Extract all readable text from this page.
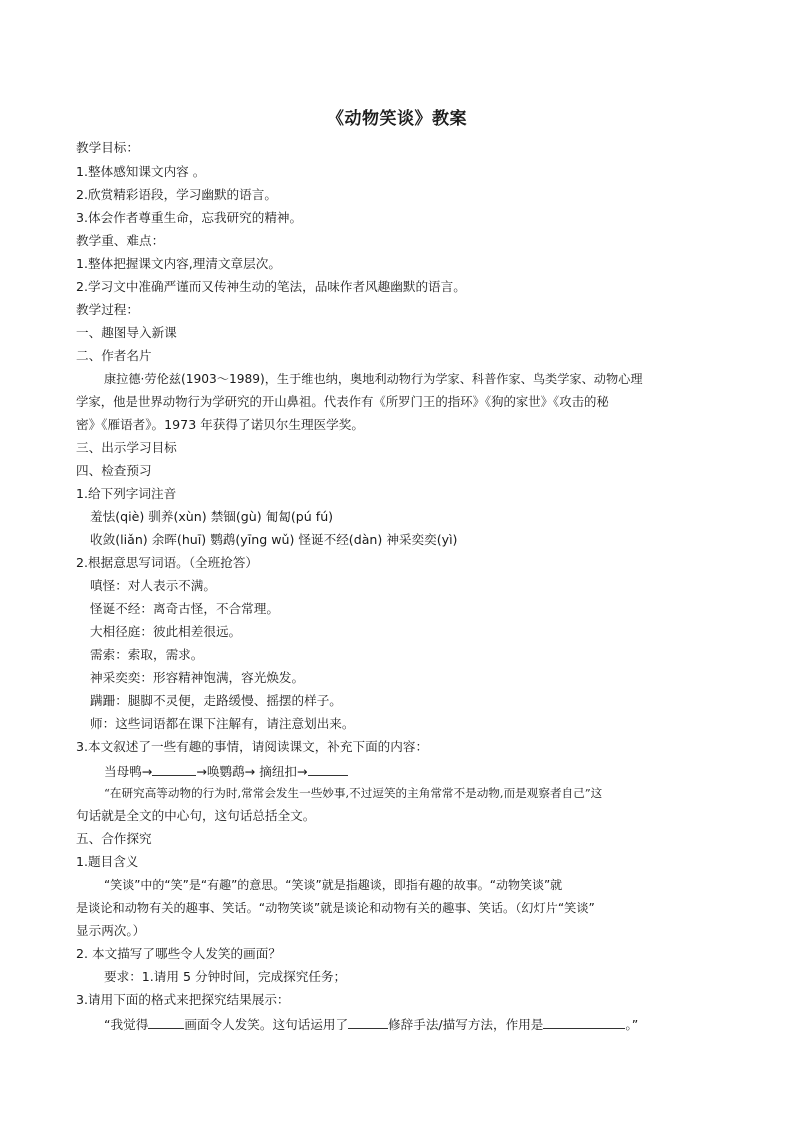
《动物笑谈》教案
教学目标：
1.整体感知课文内容 。
2.欣赏精彩语段，学习幽默的语言。
3.体会作者尊重生命，忘我研究的精神。
教学重、难点：
1.整体把握课文内容,理清文章层次。
2.学习文中准确严谨而又传神生动的笔法，品味作者风趣幽默的语言。
教学过程：
一、趣图导入新课
二、作者名片
康拉德·劳伦兹(1903～1989)，生于维也纳，奥地利动物行为学家、科普作家、鸟类学家、动物心理
学家，他是世界动物行为学研究的开山鼻祖。代表作有《所罗门王的指环》《狗的家世》《攻击的秘
密》《雁语者》。1973 年获得了诺贝尔生理医学奖。
三、出示学习目标
四、检查预习
1.给下列字词注音
羞怯(qiè) 驯养(xùn) 禁锢(gù) 匍匐(pú fú)
收敛(liǎn) 余晖(huī) 鹦鹉(yīng wǔ) 怪诞不经(dàn) 神采奕奕(yì)
2.根据意思写词语。（全班抢答）
嗔怪：对人表示不满。
怪诞不经：离奇古怪，不合常理。
大相径庭：彼此相差很远。
需索：索取，需求。
神采奕奕：形容精神饱满，容光焕发。
蹒跚：腿脚不灵便，走路缓慢、摇摆的样子。
师：这些词语都在课下注解有，请注意划出来。
3.本文叙述了一些有趣的事情，请阅读课文，补充下面的内容：
当母鸭→	→唤鹦鹉→ 摘纽扣→
“在研究高等动物的行为时,常常会发生一些妙事,不过逗笑的主角常常不是动物,而是观察者自己”这
句话就是全文的中心句，这句话总括全文。
五、合作探究
1.题目含义
“笑谈”中的“笑”是“有趣”的意思。“笑谈”就是指趣谈，即指有趣的故事。“动物笑谈”就
是谈论和动物有关的趣事、笑话。“动物笑谈”就是谈论和动物有关的趣事、笑话。（幻灯片“笑谈”
显示两次。）
2. 本文描写了哪些令人发笑的画面？
要求：1.请用 5 分钟时间，完成探究任务；
3.请用下面的格式来把探究结果展示：
“我觉得	画面令人发笑。这句话运用了	修辞手法/描写方法，作用是	。”
